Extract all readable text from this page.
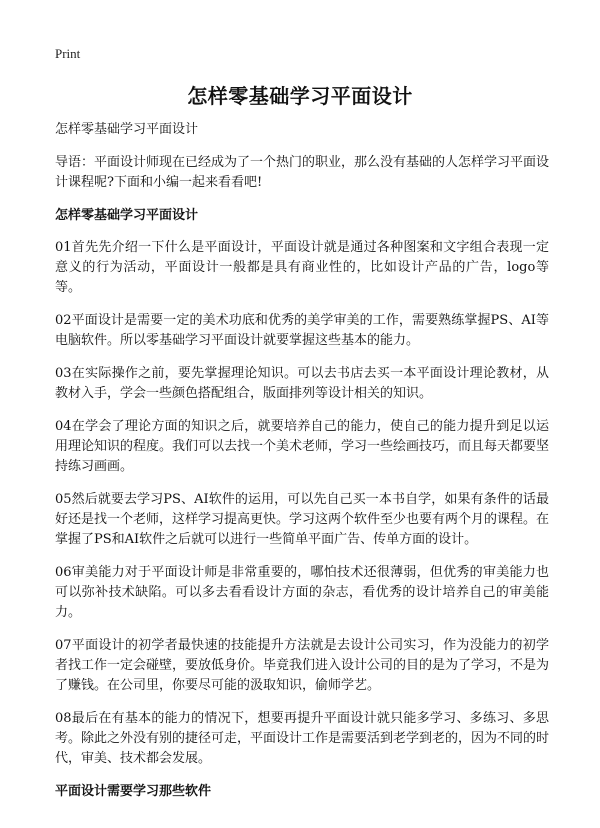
Print
怎样零基础学习平面设计

怎样零基础学习平面设计

导语：平面设计师现在已经成为了一个热门的职业，那么没有基础的人怎样学习平面设计课程呢?下面和小编一起来看看吧!

怎样零基础学习平面设计

01首先先介绍一下什么是平面设计，平面设计就是通过各种图案和文字组合表现一定意义的行为活动，平面设计一般都是具有商业性的，比如设计产品的广告，logo等等。

02平面设计是需要一定的美术功底和优秀的美学审美的工作，需要熟练掌握PS、AI等电脑软件。所以零基础学习平面设计就要掌握这些基本的能力。

03在实际操作之前，要先掌握理论知识。可以去书店去买一本平面设计理论教材，从教材入手，学会一些颜色搭配组合，版面排列等设计相关的知识。

04在学会了理论方面的知识之后，就要培养自己的能力，使自己的能力提升到足以运用理论知识的程度。我们可以去找一个美术老师，学习一些绘画技巧，而且每天都要坚持练习画画。

05然后就要去学习PS、AI软件的运用，可以先自己买一本书自学，如果有条件的话最好还是找一个老师，这样学习提高更快。学习这两个软件至少也要有两个月的课程。在掌握了PS和AI软件之后就可以进行一些简单平面广告、传单方面的设计。

06审美能力对于平面设计师是非常重要的，哪怕技术还很薄弱，但优秀的审美能力也可以弥补技术缺陷。可以多去看看设计方面的杂志，看优秀的设计培养自己的审美能力。

07平面设计的初学者最快速的技能提升方法就是去设计公司实习，作为没能力的初学者找工作一定会碰壁，要放低身价。毕竟我们进入设计公司的目的是为了学习，不是为了赚钱。在公司里，你要尽可能的汲取知识，偷师学艺。

08最后在有基本的能力的情况下，想要再提升平面设计就只能多学习、多练习、多思考。除此之外没有别的捷径可走，平面设计工作是需要活到老学到老的，因为不同的时代，审美、技术都会发展。

平面设计需要学习那些软件
